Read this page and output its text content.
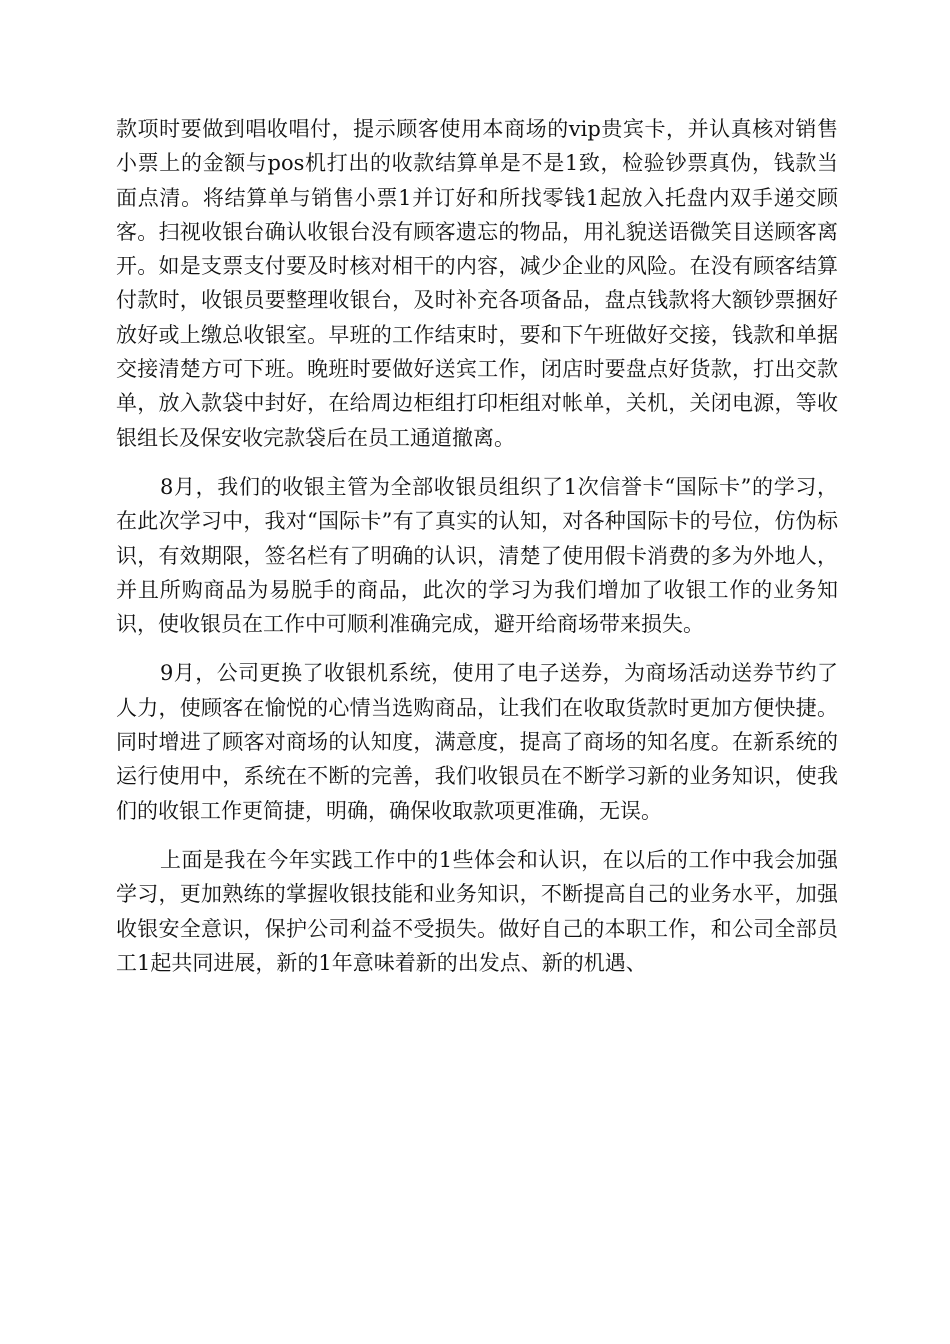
款项时要做到唱收唱付，提示顾客使用本商场的vip贵宾卡，并认真核对销售小票上的金额与pos机打出的收款结算单是不是1致，检验钞票真伪，钱款当面点清。将结算单与销售小票1并订好和所找零钱1起放入托盘内双手递交顾客。扫视收银台确认收银台没有顾客遗忘的物品，用礼貌送语微笑目送顾客离开。如是支票支付要及时核对相干的内容，减少企业的风险。在没有顾客结算付款时，收银员要整理收银台，及时补充各项备品，盘点钱款将大额钞票捆好放好或上缴总收银室。早班的工作结束时，要和下午班做好交接，钱款和单据交接清楚方可下班。晚班时要做好送宾工作，闭店时要盘点好货款，打出交款单，放入款袋中封好，在给周边柜组打印柜组对帐单，关机，关闭电源，等收银组长及保安收完款袋后在员工通道撤离。

8月，我们的收银主管为全部收银员组织了1次信誉卡“国际卡”的学习，在此次学习中，我对“国际卡”有了真实的认知，对各种国际卡的号位，仿伪标识，有效期限，签名栏有了明确的认识，清楚了使用假卡消费的多为外地人，并且所购商品为易脱手的商品，此次的学习为我们增加了收银工作的业务知识，使收银员在工作中可顺利准确完成，避开给商场带来损失。

9月，公司更换了收银机系统，使用了电子送券，为商场活动送券节约了人力，使顾客在愉悦的心情当选购商品，让我们在收取货款时更加方便快捷。同时增进了顾客对商场的认知度，满意度，提高了商场的知名度。在新系统的运行使用中，系统在不断的完善，我们收银员在不断学习新的业务知识，使我们的收银工作更简捷，明确，确保收取款项更准确，无误。

上面是我在今年实践工作中的1些体会和认识，在以后的工作中我会加强学习，更加熟练的掌握收银技能和业务知识，不断提高自己的业务水平，加强收银安全意识，保护公司利益不受损失。做好自己的本职工作，和公司全部员工1起共同进展，新的1年意味着新的出发点、新的机遇、
